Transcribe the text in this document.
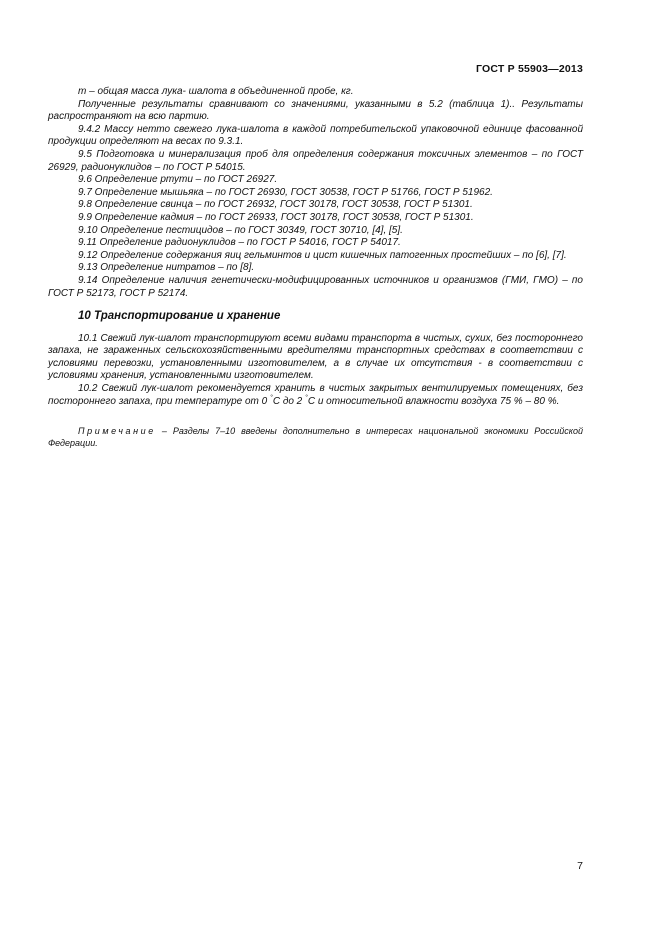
ГОСТ Р 55903—2013

m – общая масса лука- шалота в объединенной пробе, кг.

Полученные результаты сравнивают со значениями, указанными в 5.2 (таблица 1).. Результаты распространяют на всю партию.

9.4.2 Массу нетто свежего лука-шалота в каждой потребительской упаковочной единице фасованной продукции определяют на весах по 9.3.1.

9.5 Подготовка и минерализация проб для определения содержания токсичных элементов – по ГОСТ 26929, радионуклидов – по ГОСТ Р 54015.

9.6 Определение ртути – по ГОСТ 26927.

9.7 Определение мышьяка – по ГОСТ 26930, ГОСТ 30538, ГОСТ Р 51766, ГОСТ Р 51962.

9.8 Определение свинца – по ГОСТ 26932, ГОСТ 30178, ГОСТ 30538, ГОСТ Р 51301.

9.9 Определение кадмия – по ГОСТ 26933, ГОСТ 30178, ГОСТ 30538, ГОСТ Р 51301.

9.10 Определение пестицидов – по ГОСТ 30349, ГОСТ 30710, [4], [5].

9.11 Определение радионуклидов – по ГОСТ Р 54016, ГОСТ Р 54017.

9.12 Определение содержания яиц гельминтов и цист кишечных патогенных простейших – по [6], [7].

9.13 Определение нитратов – по [8].

9.14 Определение наличия генетически-модифицированных источников и организмов (ГМИ, ГМО) – по ГОСТ Р 52173, ГОСТ Р 52174.

10 Транспортирование и хранение

10.1 Свежий лук-шалот транспортируют всеми видами транспорта в чистых, сухих, без постороннего запаха, не зараженных сельскохозяйственными вредителями транспортных средствах в соответствии с условиями перевозки, установленными изготовителем, а в случае их отсутствия - в соответствии с условиями хранения, установленными изготовителем.

10.2 Свежий лук-шалот рекомендуется хранить в чистых закрытых вентилируемых помещениях, без постороннего запаха, при температуре от 0 °С до 2 °С и относительной влажности воздуха 75 % – 80 %.

Примечание – Разделы 7–10 введены дополнительно в интересах национальной экономики Российской Федерации.

7
